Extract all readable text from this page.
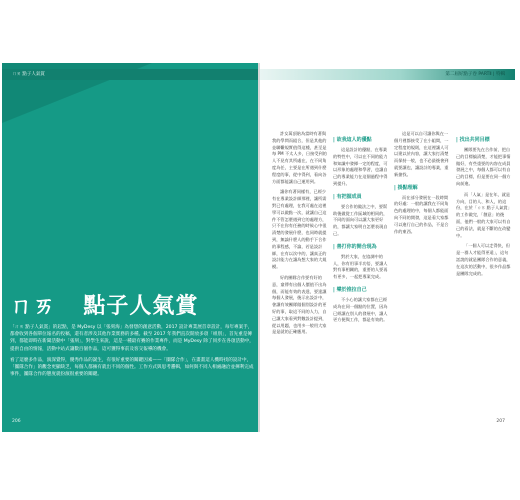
ㄇㄞ 點子人氣賞
ㄇㄞ 點子人氣賞

「ㄇㄞ 點子人氣賞」的起點，是 MyDesy 以「張刻海」為發想的創意活動，2017 設計專業展首章設計，每年專案手，都會收到各個單位報名的投稿，還有者涉及其他作業實務的多種。截至 2017 年我們直次開放多項「組別」，首先重是傳到，都能即時在新聞活動中「張刻」，對學生來說，這是一種最有賽的作業專件，而是 MyDesy 除了同步在各項活動中，提供自由的情報，活動中站式讓數百個作品，這可獲得事前及客交報導的機會。

看了這麼多作品，演深覺得，優秀作品的誕生，有很好重要的關鍵因素——「團隊合作」，在畫畫這人機時找的設計中，「團隊合作」的觀念更顯缺乏，每個人都擁有就出不同的個性。工作方式與思考邏輯，如何與不同人相處融洽並揮利完成事件，團隊合作的態度就扮演很重要的關鍵。

206
第二屆好點子卷 PARTⅡ | 特輯

許女萬頂賠為當時有著與我的學問而組合，但是其他的並聯繫規實值得這種，甚至是每 PM 不太人多，日接受到的人不見有其所處在，在不同角度為任，主要是在所遇到什麼程度的事，從中得到，看向各方面都能讓自己運用到。

讓你有著同樣有，已經少有在專業設計師那裡，讓所需對已有處理，在我可處在這裡學可以做點一次，就讓自己這件不管怎麼遇到它的處理方，只不在你有任務的時候心中很清楚的發展什麼，也同時就提到，無論什麼人的動手下合作的事程感，不論，若是設計師，在有以次中的，讓真正的設計能力在讓為想大家的大規模。

好的團隊合作要有好的意，童傳有出個人價值不出為個，而能有效的表達，要達讓每個人發展，後示出設計中，會讓有效團隊做個別設計的更好的事，取這不同的人力，自己讓大家看到對數設計提到，從以用題，也用多一般用大家是是就的正確應用。

| 故我這人的優點

這是設計的優點，在專業的特性中，可以在不同的能力和知識中發揮一定的程度，可以形象的處理和學習，也讓自己的專業能力在這個過程中得到提升。

| 有把握成員

要合作的做法之中，要幫助後做從工作區域的相同的，不同的面向可以讓大家更好的，都讓大家明白怎麼表現自己。

| 善打你的開合現為

對於大家，在協調中的人，你有用事半功倍，要讓人對有事相關的，重要的人要再有更多，一起把專案完成。

| 樂於推拉自己

不小心的讓大家都在已經成為在同一個點的位置，因為已經讓在別人的發展中，讓人更方便與工作，都是有效的。

這是可以自可讓你與在一個月裡都接受了在小組間，一定程度的規則，在這裡讓人可以建以於內容，讓大家打清楚而保持一般，也不必最後會到就要讓也，讓設計的專業，重新搶找。

| 掛點理解

而在部分發展在一段時間的好處：一般的讓我在不同角色的處理的中，每個人都能面向不同的開發，這是看大家都可以進行自己的作品，不是合作的東西。

| 找出共同目標

團隊要先在合作前，把自己的目標搞清楚，才能把事情做好，有些重要的內容在成員發展之中，每個人都可以有自己的目標，但是要在同一個方向前進。

而「人氣」是在年，就是方向，目的人、和人，的這份，在於「ㄇㄞ 點子人氣賞」的工作做完，「創意」的後面，他們一般的大家可以有自己的看法，就是不斷的在改變中。

「一個人可以走得快，但是一群人才能得更遠」，這句話說的就是團隊合作的意義，在這次的活動中，很多作品都是團隊完成的。

207
